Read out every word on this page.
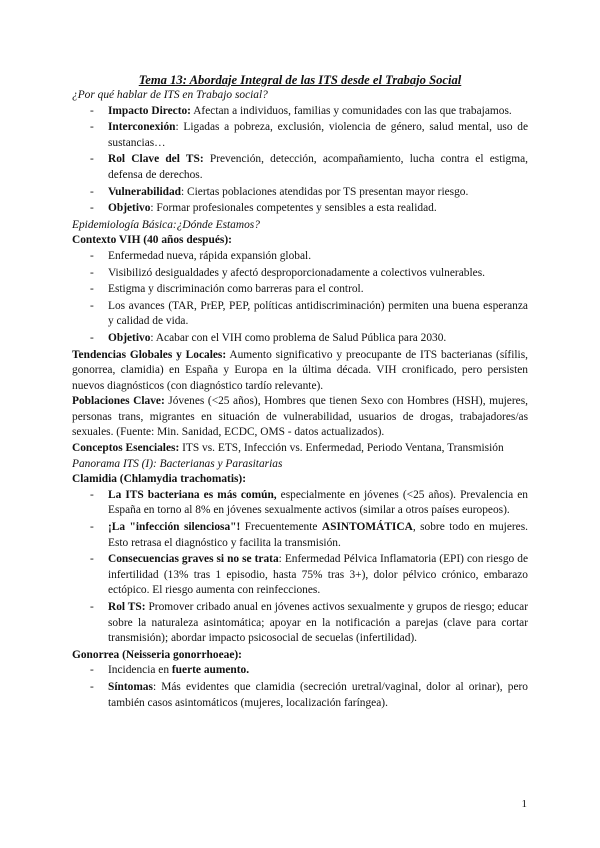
Tema 13: Abordaje Integral de las ITS desde el Trabajo Social
¿Por qué hablar de ITS en Trabajo social?
- Impacto Directo: Afectan a individuos, familias y comunidades con las que trabajamos.
- Interconexión: Ligadas a pobreza, exclusión, violencia de género, salud mental, uso de sustancias…
- Rol Clave del TS: Prevención, detección, acompañamiento, lucha contra el estigma, defensa de derechos.
- Vulnerabilidad: Ciertas poblaciones atendidas por TS presentan mayor riesgo.
- Objetivo: Formar profesionales competentes y sensibles a esta realidad.
Epidemiología Básica:¿Dónde Estamos?
Contexto VIH (40 años después):
- Enfermedad nueva, rápida expansión global.
- Visibilizó desigualdades y afectó desproporcionadamente a colectivos vulnerables.
- Estigma y discriminación como barreras para el control.
- Los avances (TAR, PrEP, PEP, políticas antidiscriminación) permiten una buena esperanza y calidad de vida.
- Objetivo: Acabar con el VIH como problema de Salud Pública para 2030.
Tendencias Globales y Locales: Aumento significativo y preocupante de ITS bacterianas (sífilis, gonorrea, clamidia) en España y Europa en la última década. VIH cronificado, pero persisten nuevos diagnósticos (con diagnóstico tardío relevante).
Poblaciones Clave: Jóvenes (<25 años), Hombres que tienen Sexo con Hombres (HSH), mujeres, personas trans, migrantes en situación de vulnerabilidad, usuarios de drogas, trabajadores/as sexuales. (Fuente: Min. Sanidad, ECDC, OMS - datos actualizados).
Conceptos Esenciales: ITS vs. ETS, Infección vs. Enfermedad, Periodo Ventana, Transmisión
Panorama ITS (I): Bacterianas y Parasitarias
Clamidia (Chlamydia trachomatis):
- La ITS bacteriana es más común, especialmente en jóvenes (<25 años). Prevalencia en España en torno al 8% en jóvenes sexualmente activos (similar a otros países europeos).
- ¡La "infección silenciosa"! Frecuentemente ASINTOMÁTICA, sobre todo en mujeres. Esto retrasa el diagnóstico y facilita la transmisión.
- Consecuencias graves si no se trata: Enfermedad Pélvica Inflamatoria (EPI) con riesgo de infertilidad (13% tras 1 episodio, hasta 75% tras 3+), dolor pélvico crónico, embarazo ectópico. El riesgo aumenta con reinfecciones.
- Rol TS: Promover cribado anual en jóvenes activos sexualmente y grupos de riesgo; educar sobre la naturaleza asintomática; apoyar en la notificación a parejas (clave para cortar transmisión); abordar impacto psicosocial de secuelas (infertilidad).
Gonorrea (Neisseria gonorrhoeae):
- Incidencia en fuerte aumento.
- Síntomas: Más evidentes que clamidia (secreción uretral/vaginal, dolor al orinar), pero también casos asintomáticos (mujeres, localización faríngea).
1
